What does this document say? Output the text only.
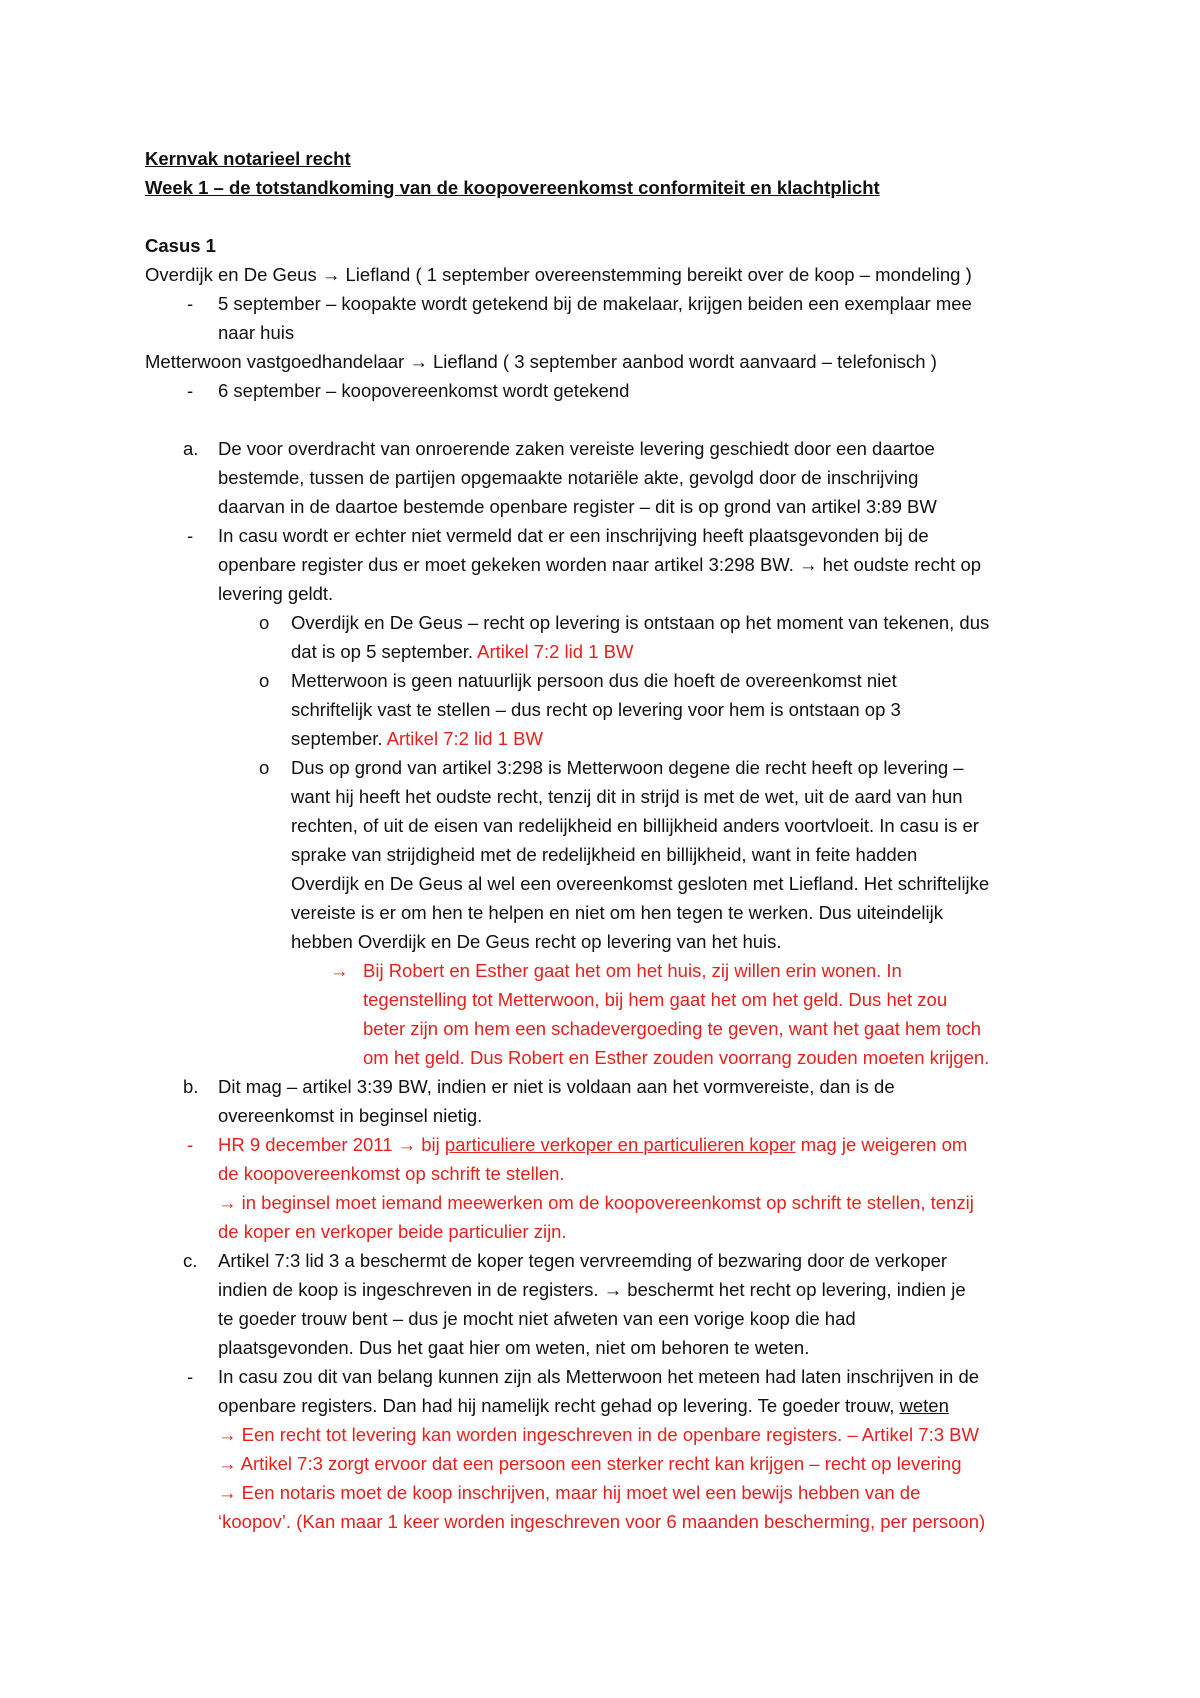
Kernvak notarieel recht
Week 1 – de totstandkoming van de koopovereenkomst conformiteit en klachtplicht
Casus 1
Overdijk en De Geus → Liefland ( 1 september overeenstemming bereikt over de koop – mondeling )
- 5 september – koopakte wordt getekend bij de makelaar, krijgen beiden een exemplaar mee
naar huis
Metterwoon vastgoedhandelaar → Liefland ( 3 september aanbod wordt aanvaard – telefonisch )
- 6 september – koopovereenkomst wordt getekend
a. De voor overdracht van onroerende zaken vereiste levering geschiedt door een daartoe
bestemde, tussen de partijen opgemaakte notariële akte, gevolgd door de inschrijving
daarvan in de daartoe bestemde openbare register – dit is op grond van artikel 3:89 BW
- In casu wordt er echter niet vermeld dat er een inschrijving heeft plaatsgevonden bij de
openbare register dus er moet gekeken worden naar artikel 3:298 BW. → het oudste recht op
levering geldt.
o Overdijk en De Geus – recht op levering is ontstaan op het moment van tekenen, dus
dat is op 5 september. Artikel 7:2 lid 1 BW
o Metterwoon is geen natuurlijk persoon dus die hoeft de overeenkomst niet
schriftelijk vast te stellen – dus recht op levering voor hem is ontstaan op 3
september. Artikel 7:2 lid 1 BW
o Dus op grond van artikel 3:298 is Metterwoon degene die recht heeft op levering –
want hij heeft het oudste recht, tenzij dit in strijd is met de wet, uit de aard van hun
rechten, of uit de eisen van redelijkheid en billijkheid anders voortvloeit. In casu is er
sprake van strijdigheid met de redelijkheid en billijkheid, want in feite hadden
Overdijk en De Geus al wel een overeenkomst gesloten met Liefland. Het schriftelijke
vereiste is er om hen te helpen en niet om hen tegen te werken. Dus uiteindelijk
hebben Overdijk en De Geus recht op levering van het huis.
→ Bij Robert en Esther gaat het om het huis, zij willen erin wonen. In
tegenstelling tot Metterwoon, bij hem gaat het om het geld. Dus het zou
beter zijn om hem een schadevergoeding te geven, want het gaat hem toch
om het geld. Dus Robert en Esther zouden voorrang zouden moeten krijgen.
b. Dit mag – artikel 3:39 BW, indien er niet is voldaan aan het vormvereiste, dan is de
overeenkomst in beginsel nietig.
- HR 9 december 2011 → bij particuliere verkoper en particulieren koper mag je weigeren om
de koopovereenkomst op schrift te stellen.
→ in beginsel moet iemand meewerken om de koopovereenkomst op schrift te stellen, tenzij
de koper en verkoper beide particulier zijn.
c. Artikel 7:3 lid 3 a beschermt de koper tegen vervreemding of bezwaring door de verkoper
indien de koop is ingeschreven in de registers. → beschermt het recht op levering, indien je
te goeder trouw bent – dus je mocht niet afweten van een vorige koop die had
plaatsgevonden. Dus het gaat hier om weten, niet om behoren te weten.
- In casu zou dit van belang kunnen zijn als Metterwoon het meteen had laten inschrijven in de
openbare registers. Dan had hij namelijk recht gehad op levering. Te goeder trouw, weten
→ Een recht tot levering kan worden ingeschreven in de openbare registers. – Artikel 7:3 BW
→ Artikel 7:3 zorgt ervoor dat een persoon een sterker recht kan krijgen – recht op levering
→ Een notaris moet de koop inschrijven, maar hij moet wel een bewijs hebben van de
‘koopov’. (Kan maar 1 keer worden ingeschreven voor 6 maanden bescherming, per persoon)
